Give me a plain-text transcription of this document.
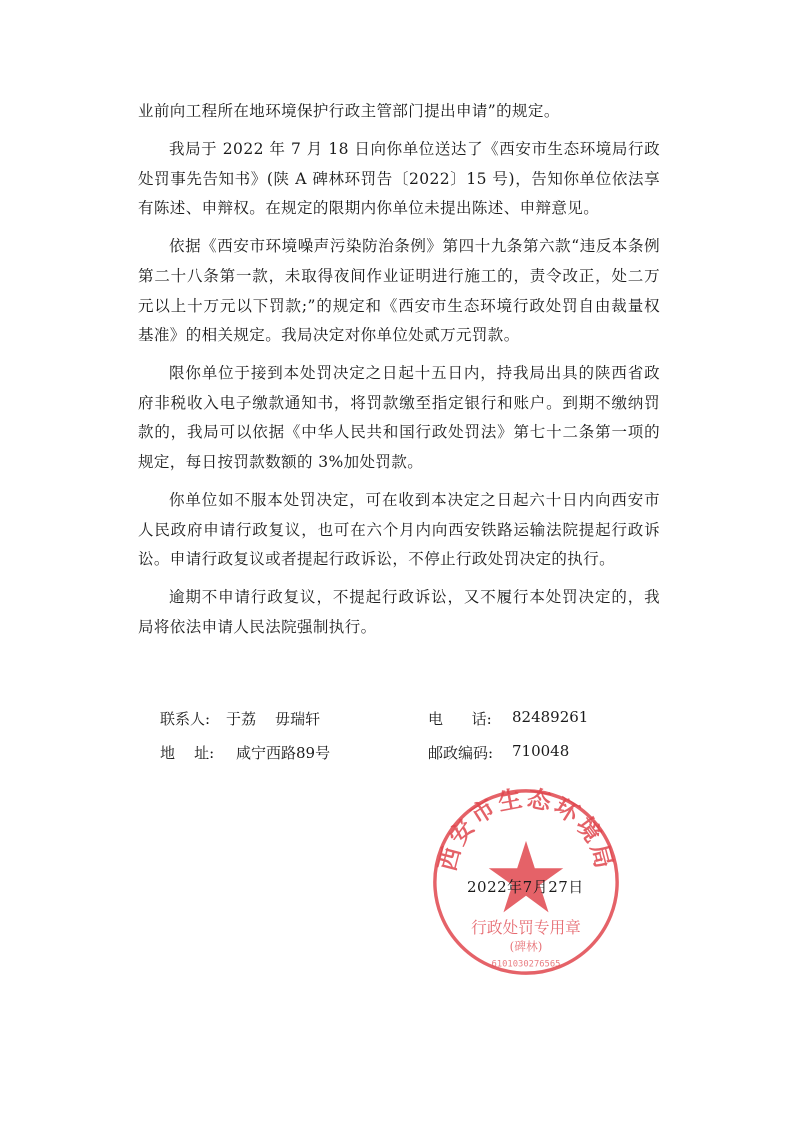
业前向工程所在地环境保护行政主管部门提出申请”的规定。

我局于 2022 年 7 月 18 日向你单位送达了《西安市生态环境局行政处罚事先告知书》(陕 A 碑林环罚告〔2022〕15 号)，告知你单位依法享有陈述、申辩权。在规定的限期内你单位未提出陈述、申辩意见。

依据《西安市环境噪声污染防治条例》第四十九条第六款“违反本条例第二十八条第一款，未取得夜间作业证明进行施工的，责令改正，处二万元以上十万元以下罚款;”的规定和《西安市生态环境行政处罚自由裁量权基准》的相关规定。我局决定对你单位处贰万元罚款。

限你单位于接到本处罚决定之日起十五日内，持我局出具的陕西省政府非税收入电子缴款通知书，将罚款缴至指定银行和账户。到期不缴纳罚款的，我局可以依据《中华人民共和国行政处罚法》第七十二条第一项的规定，每日按罚款数额的 3%加处罚款。

你单位如不服本处罚决定，可在收到本决定之日起六十日内向西安市人民政府申请行政复议，也可在六个月内向西安铁路运输法院提起行政诉讼。申请行政复议或者提起行政诉讼，不停止行政处罚决定的执行。

逾期不申请行政复议，不提起行政诉讼，又不履行本处罚决定的，我局将依法申请人民法院强制执行。

联系人: 于荔    毋瑞轩	电      话: 82489261
地    址: 咸宁西路89号	邮政编码: 710048
西安市生态环境局
行政处罚专用章
(碑林)
6101030276565
2022年7月27日
